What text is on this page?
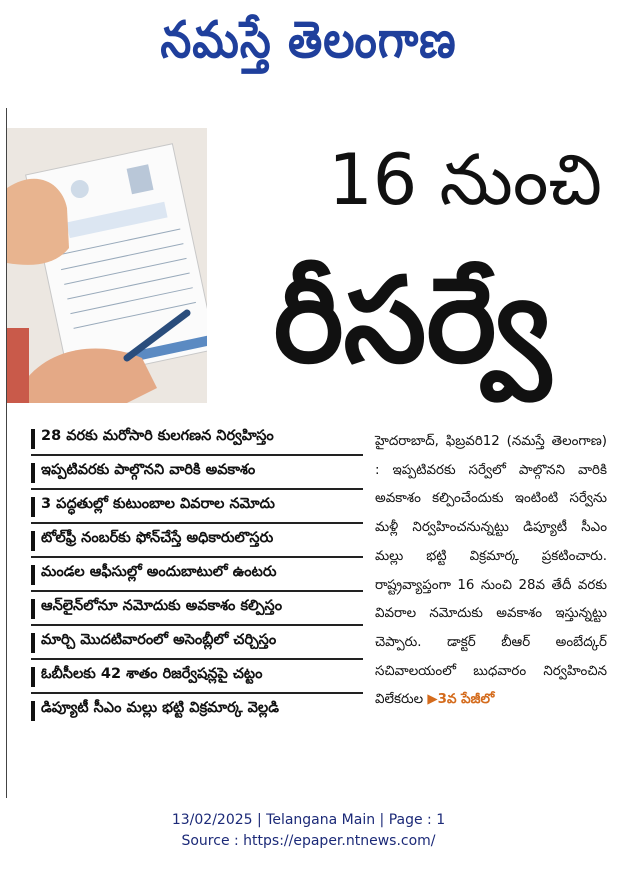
నమస్తే తెలంగాణ
16 నుంచి
రీసర్వే
28 వరకు మరోసారి కులగణన నిర్వహిస్తం
ఇప్పటివరకు పాల్గొనని వారికి అవకాశం
3 పద్ధతుల్లో కుటుంబాల వివరాల నమోదు
టోల్‌ఫ్రీ నంబర్‌కు ఫోన్‌చేస్తే అధికారులొస్తరు
మండల ఆఫీసుల్లో అందుబాటులో ఉంటరు
ఆన్‌లైన్‌లోనూ నమోదుకు అవకాశం కల్పిస్తం
మార్చి మొదటివారంలో అసెంబ్లీలో చర్చిస్తం
ఓబీసీలకు 42 శాతం రిజర్వేషన్లపై చట్టం
డిప్యూటీ సీఎం మల్లు భట్టి విక్రమార్క వెల్లడి
హైదరాబాద్, ఫిబ్రవరి12 (నమస్తే తెలంగాణ) : ఇప్పటివరకు సర్వేలో పాల్గొనని వారికి అవకాశం కల్పించేందుకు ఇంటింటి సర్వేను మళ్లీ నిర్వహించనున్నట్టు డిప్యూటీ సీఎం మల్లు భట్టి విక్రమార్క ప్రకటించారు. రాష్ట్రవ్యాప్తంగా 16 నుంచి 28వ తేదీ వరకు వివరాల నమోదుకు అవకాశం ఇస్తున్నట్టు చెప్పారు. డాక్టర్ బీఆర్ అంబేద్కర్ సచివాలయంలో బుధవారం నిర్వహించిన విలేకరుల ▶3వ పేజీలో
13/02/2025 | Telangana Main | Page : 1
Source : https://epaper.ntnews.com/
